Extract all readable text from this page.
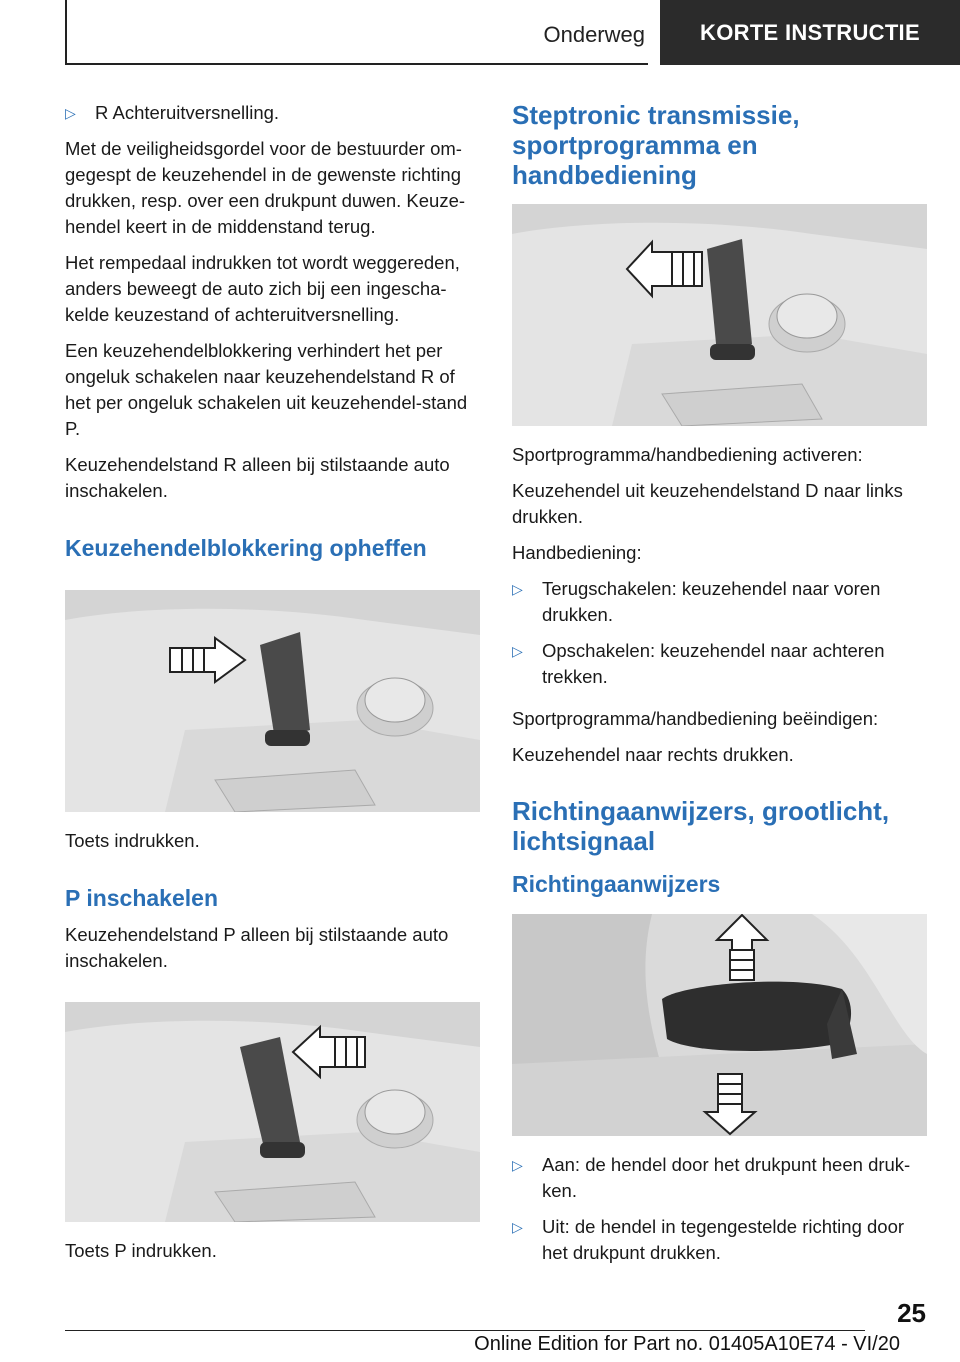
Onderweg	KORTE INSTRUCTIE
▷	R Achteruitversnelling.

Met de veiligheidsgordel voor de bestuurder om-gegespt de keuzehendel in de gewenste richting drukken, resp. over een drukpunt duwen. Keuze-hendel keert in de middenstand terug.

Het rempedaal indrukken tot wordt weggereden, anders beweegt de auto zich bij een ingescha-kelde keuzestand of achteruitversnelling.

Een keuzehendelblokkering verhindert het per ongeluk schakelen naar keuzehendelstand R of het per ongeluk schakelen uit keuzehendel-stand P.

Keuzehendelstand R alleen bij stilstaande auto inschakelen.

Keuzehendelblokkering opheffen

Toets indrukken.

P inschakelen

Keuzehendelstand P alleen bij stilstaande auto inschakelen.

Toets P indrukken.

Steptronic transmissie, sportprogramma en handbediening

Sportprogramma/handbediening activeren:

Keuzehendel uit keuzehendelstand D naar links drukken.

Handbediening:

▷	Terugschakelen: keuzehendel naar voren drukken.
▷	Opschakelen: keuzehendel naar achteren trekken.

Sportprogramma/handbediening beëindigen:

Keuzehendel naar rechts drukken.

Richtingaanwijzers, grootlicht, lichtsignaal
Richtingaanwijzers
▷	Aan: de hendel door het drukpunt heen druk-ken.
▷	Uit: de hendel in tegengestelde richting door het drukpunt drukken.
25
Online Edition for Part no. 01405A10E74 - VI/20
